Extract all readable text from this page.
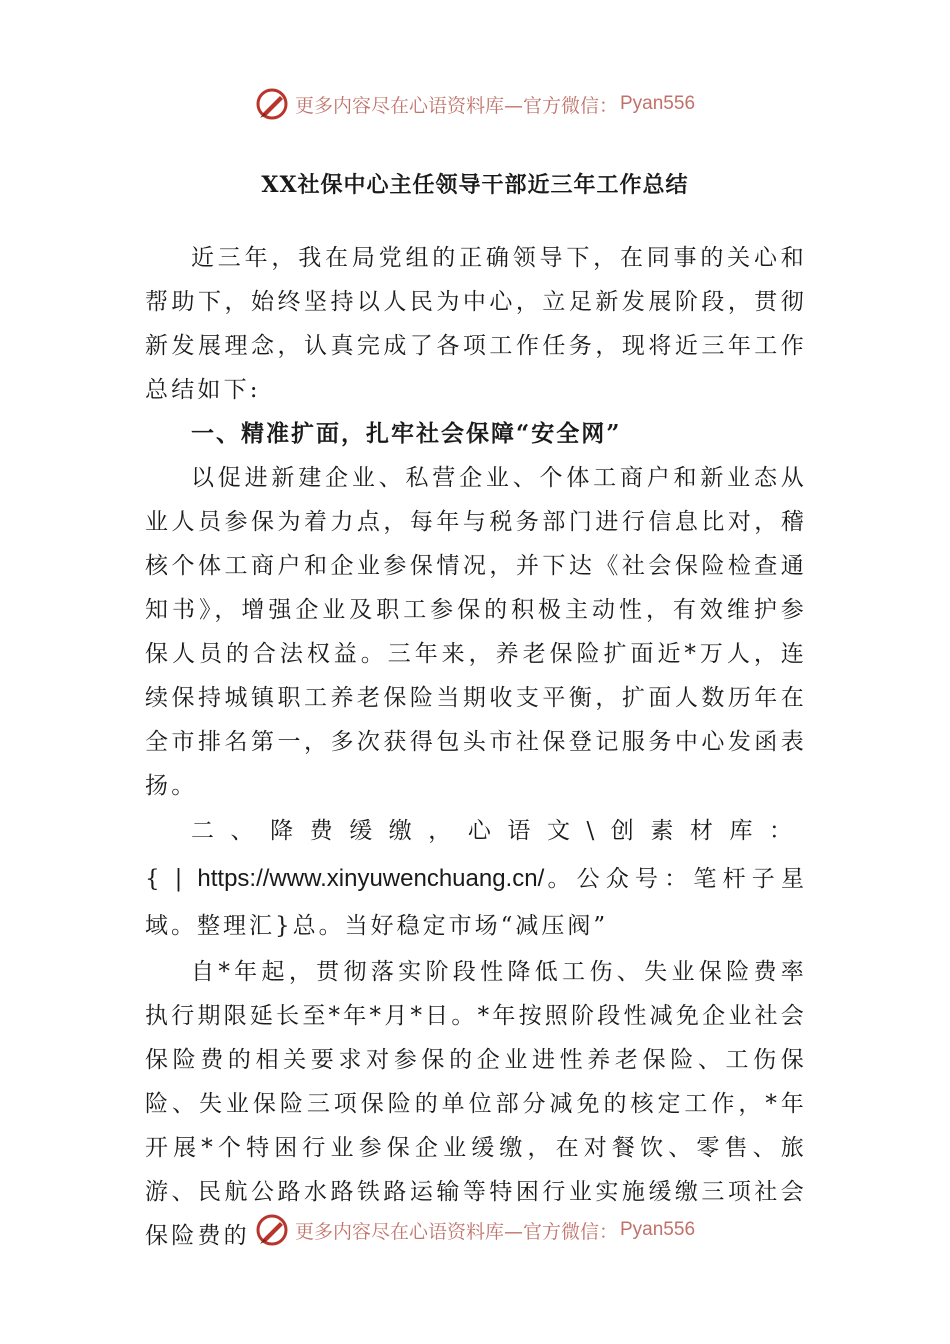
更多内容尽在心语资料库—官方微信： Pyan556
XX社保中心主任领导干部近三年工作总结

近三年，我在局党组的正确领导下，在同事的关心和帮助下，始终坚持以人民为中心，立足新发展阶段，贯彻新发展理念，认真完成了各项工作任务，现将近三年工作总结如下:

一、精准扩面，扎牢社会保障“安全网”

以促进新建企业、私营企业、个体工商户和新业态从业人员参保为着力点，每年与税务部门进行信息比对，稽核个体工商户和企业参保情况，并下达《社会保险检查通知书》，增强企业及职工参保的积极主动性，有效维护参保人员的合法权益。三年来，养老保险扩面近*万人，连续保持城镇职工养老保险当期收支平衡，扩面人数历年在全市排名第一，多次获得包头市社保登记服务中心发函表扬。

二、降费缓缴，心语文\创素材库：{|https://www.xinyuwenchuang.cn/。公众号：笔杆子星域。整理汇}总。当好稳定市场“减压阀”

自*年起，贯彻落实阶段性降低工伤、失业保险费率执行期限延长至*年*月*日。*年按照阶段性减免企业社会保险费的相关要求对参保的企业进性养老保险、工伤保险、失业保险三项保险的单位部分减免的核定工作，*年开展*个特困行业参保企业缓缴，在对餐饮、零售、旅游、民航公路水路铁路运输等特困行业实施缓缴三项社会保险费的	更多内容尽在心语资料库—官方微信： Pyan556
